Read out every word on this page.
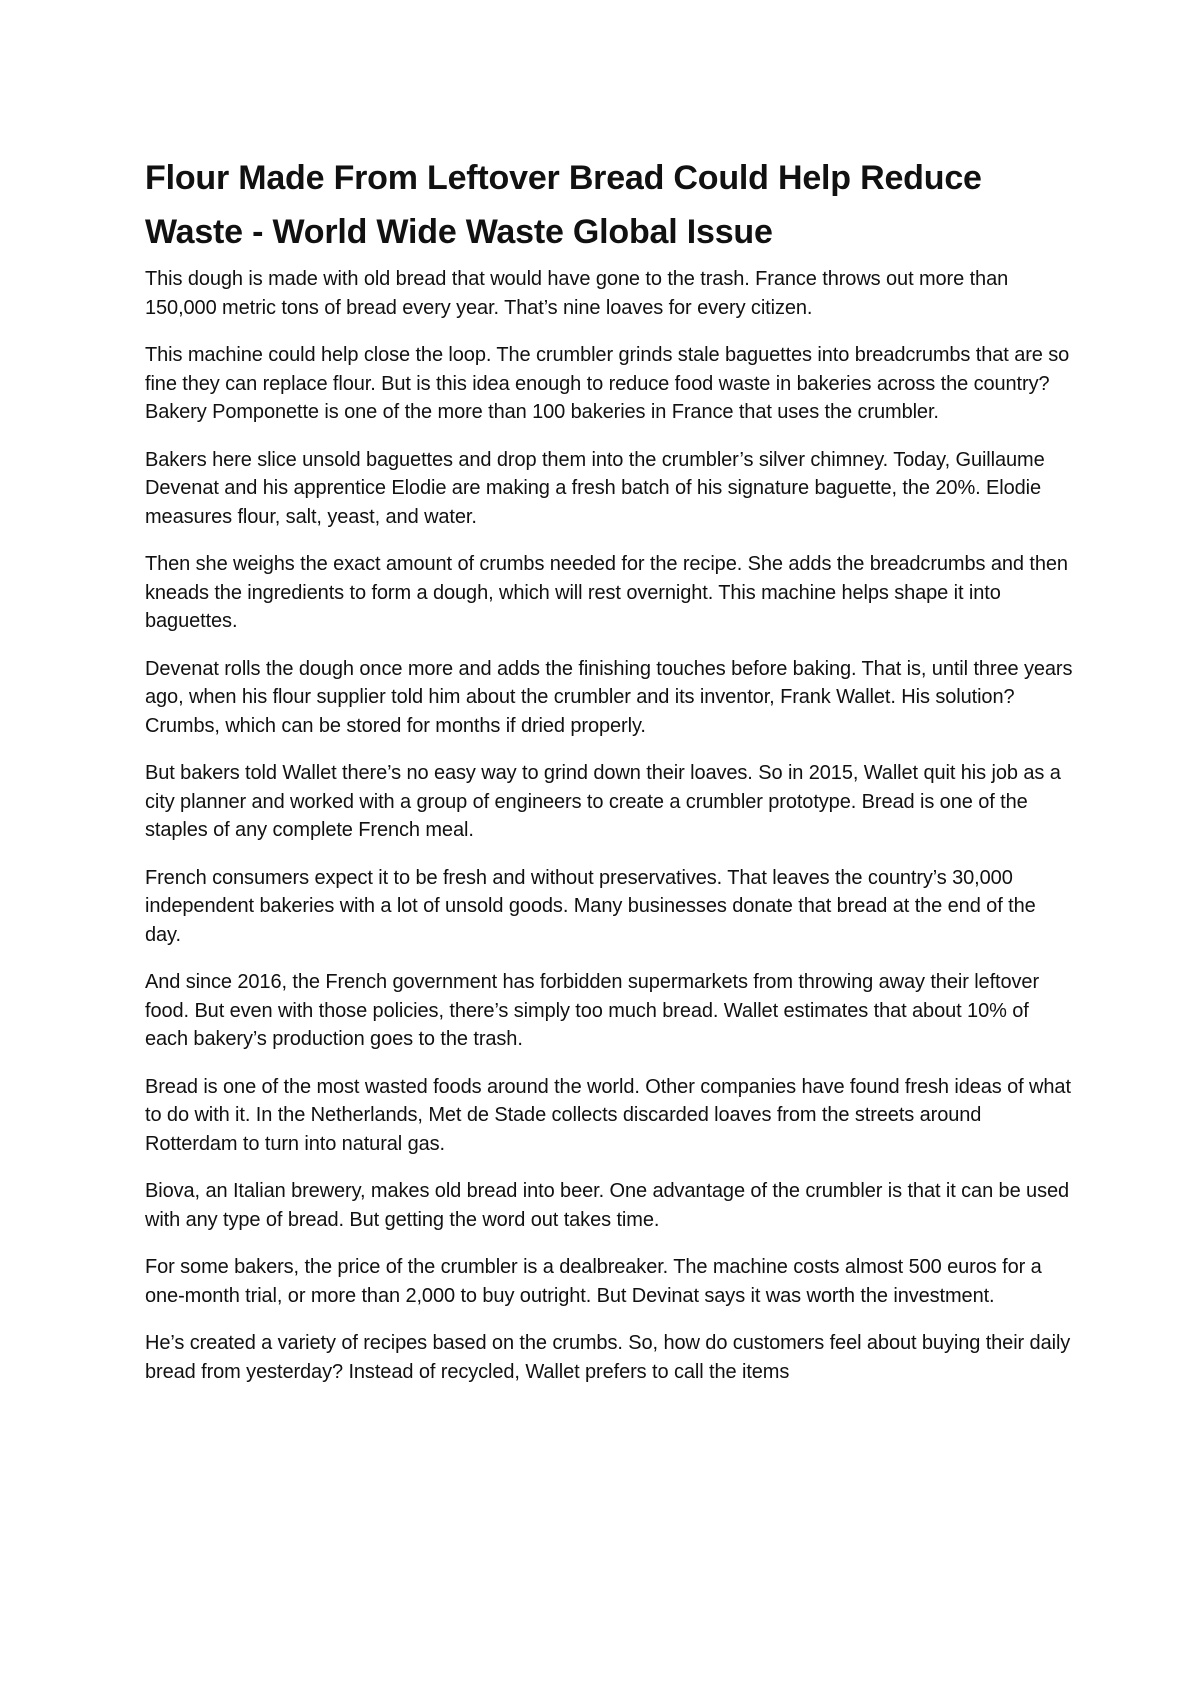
Flour Made From Leftover Bread Could Help Reduce Waste - World Wide Waste Global Issue

This dough is made with old bread that would have gone to the trash. France throws out more than 150,000 metric tons of bread every year. That’s nine loaves for every citizen.

This machine could help close the loop. The crumbler grinds stale baguettes into breadcrumbs that are so fine they can replace flour. But is this idea enough to reduce food waste in bakeries across the country? Bakery Pomponette is one of the more than 100 bakeries in France that uses the crumbler.

Bakers here slice unsold baguettes and drop them into the crumbler’s silver chimney. Today, Guillaume Devenat and his apprentice Elodie are making a fresh batch of his signature baguette, the 20%. Elodie measures flour, salt, yeast, and water.

Then she weighs the exact amount of crumbs needed for the recipe. She adds the breadcrumbs and then kneads the ingredients to form a dough, which will rest overnight. This machine helps shape it into baguettes.

Devenat rolls the dough once more and adds the finishing touches before baking. That is, until three years ago, when his flour supplier told him about the crumbler and its inventor, Frank Wallet. His solution? Crumbs, which can be stored for months if dried properly.

But bakers told Wallet there’s no easy way to grind down their loaves. So in 2015, Wallet quit his job as a city planner and worked with a group of engineers to create a crumbler prototype. Bread is one of the staples of any complete French meal.

French consumers expect it to be fresh and without preservatives. That leaves the country’s 30,000 independent bakeries with a lot of unsold goods. Many businesses donate that bread at the end of the day.

And since 2016, the French government has forbidden supermarkets from throwing away their leftover food. But even with those policies, there’s simply too much bread. Wallet estimates that about 10% of each bakery’s production goes to the trash.

Bread is one of the most wasted foods around the world. Other companies have found fresh ideas of what to do with it. In the Netherlands, Met de Stade collects discarded loaves from the streets around Rotterdam to turn into natural gas.

Biova, an Italian brewery, makes old bread into beer. One advantage of the crumbler is that it can be used with any type of bread. But getting the word out takes time.

For some bakers, the price of the crumbler is a dealbreaker. The machine costs almost 500 euros for a one-month trial, or more than 2,000 to buy outright. But Devinat says it was worth the investment.

He’s created a variety of recipes based on the crumbs. So, how do customers feel about buying their daily bread from yesterday? Instead of recycled, Wallet prefers to call the items
